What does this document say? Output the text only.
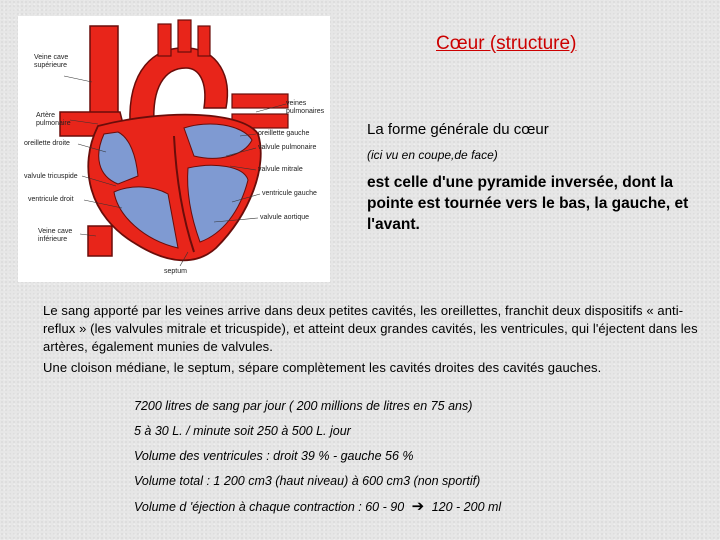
Cœur (structure)
Veine cave
supérieure
Artère
pulmonaire
oreillette droite
valvule tricuspide
ventricule droit
Veine cave
inférieure
veines
pulmonaires
oreillette gauche
valvule pulmonaire
valvule mitrale
ventricule gauche
valvule aortique
septum

La forme générale du cœur

(ici vu en coupe,de face)

est celle d'une pyramide inversée, dont la pointe est tournée vers le bas, la gauche, et l'avant.

Le sang apporté par les veines arrive dans deux petites cavités, les oreillettes, franchit deux dispositifs « anti-reflux » (les valvules mitrale et tricuspide), et atteint deux grandes cavités, les ventricules, qui l'éjectent dans les artères, également munies de valvules.

Une cloison médiane, le septum, sépare complètement les cavités droites des cavités gauches.

7200 litres de sang par jour ( 200 millions de litres en 75 ans)

5 à 30 L. / minute soit 250 à 500 L. jour

Volume des ventricules : droit 39 % - gauche 56 %

Volume total : 1 200 cm3 (haut niveau) à 600 cm3 (non sportif)

Volume d 'éjection à chaque contraction : 60 - 90 ➔ 120 - 200 ml
